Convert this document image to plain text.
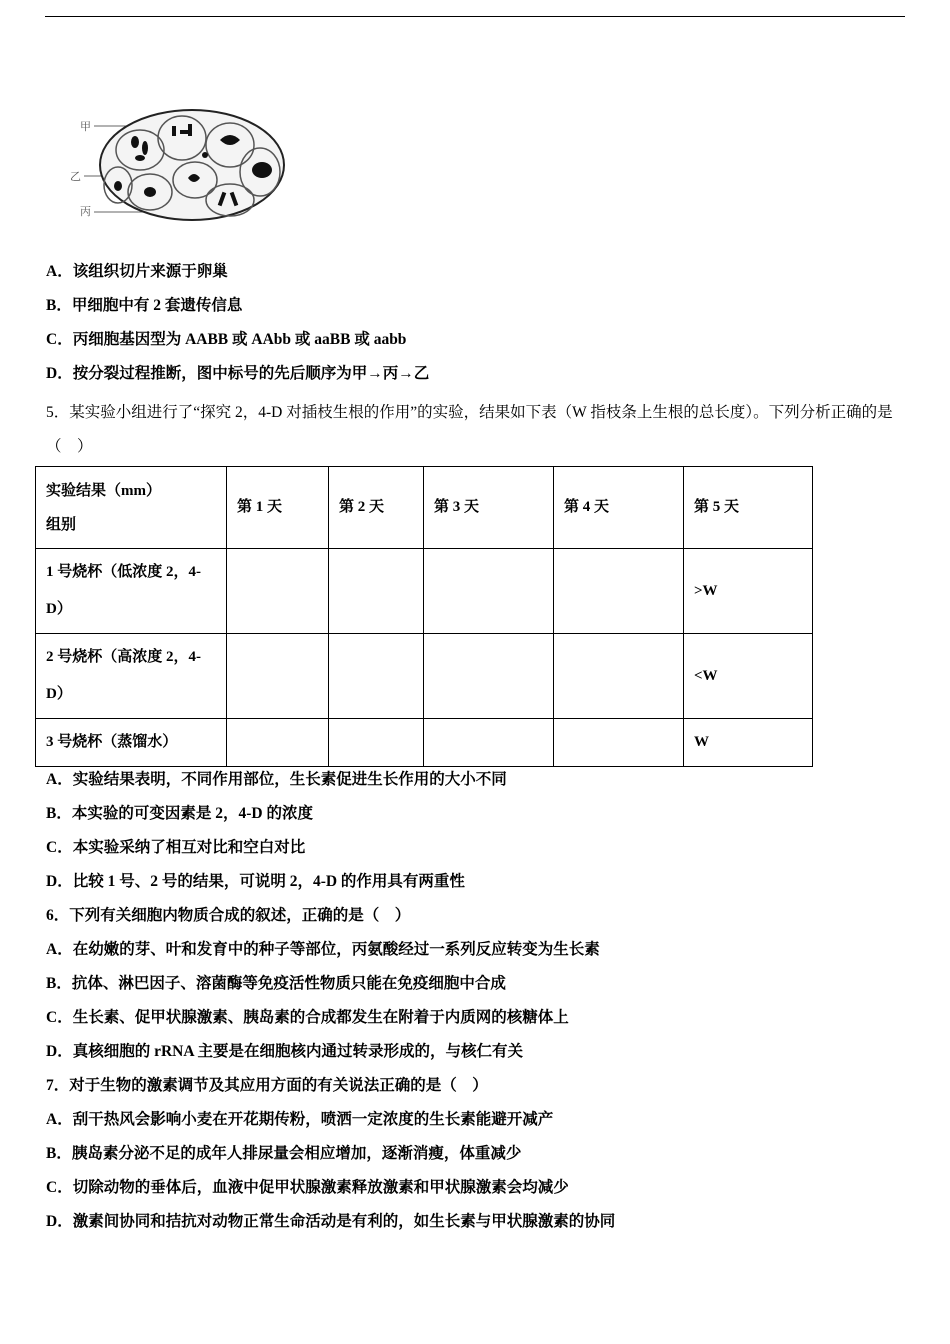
甲
乙
丙
A．该组织切片来源于卵巢
B．甲细胞中有 2 套遗传信息
C．丙细胞基因型为 AABB 或 AAbb 或 aaBB 或 aabb
D．按分裂过程推断，图中标号的先后顺序为甲→丙→乙
5．某实验小组进行了“探究 2，4-D 对插枝生根的作用”的实验，结果如下表（W 指枝条上生根的总长度）。下列分析正确的是（　）
实验结果（mm）
组别	第 1 天	第 2 天	第 3 天	第 4 天	第 5 天
1 号烧杯（低浓度 2，4-D）					>W
2 号烧杯（高浓度 2，4-D）					<W
3 号烧杯（蒸馏水）					W
A．实验结果表明，不同作用部位，生长素促进生长作用的大小不同
B．本实验的可变因素是 2，4-D 的浓度
C．本实验采纳了相互对比和空白对比
D．比较 1 号、2 号的结果，可说明 2，4-D 的作用具有两重性
6．下列有关细胞内物质合成的叙述，正确的是（　）
A．在幼嫩的芽、叶和发育中的种子等部位，丙氨酸经过一系列反应转变为生长素
B．抗体、淋巴因子、溶菌酶等免疫活性物质只能在免疫细胞中合成
C．生长素、促甲状腺激素、胰岛素的合成都发生在附着于内质网的核糖体上
D．真核细胞的 rRNA 主要是在细胞核内通过转录形成的，与核仁有关
7．对于生物的激素调节及其应用方面的有关说法正确的是（　）
A．刮干热风会影响小麦在开花期传粉，喷洒一定浓度的生长素能避开减产
B．胰岛素分泌不足的成年人排尿量会相应增加，逐渐消瘦，体重减少
C．切除动物的垂体后，血液中促甲状腺激素释放激素和甲状腺激素会均减少
D．激素间协同和拮抗对动物正常生命活动是有利的，如生长素与甲状腺激素的协同
